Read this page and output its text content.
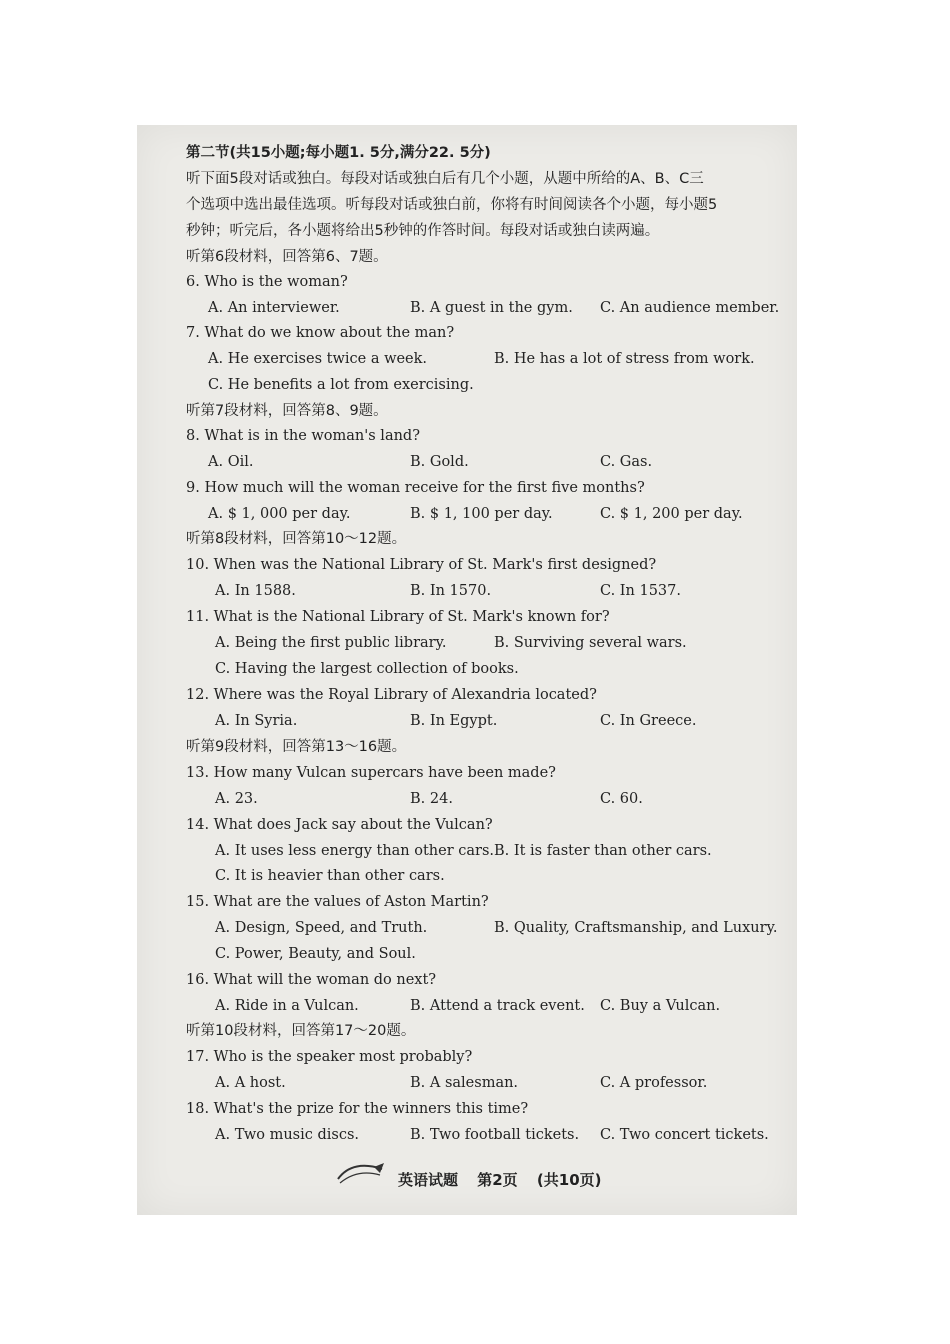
第二节(共15小题;每小题1. 5分,满分22. 5分)
听下面5段对话或独白。每段对话或独白后有几个小题，从题中所给的A、B、C三
个选项中选出最佳选项。听每段对话或独白前，你将有时间阅读各个小题，每小题5
秒钟；听完后，各小题将给出5秒钟的作答时间。每段对话或独白读两遍。
听第6段材料，回答第6、7题。
6. Who is the woman?
A. An interviewer.	B. A guest in the gym. C. An audience member.
7. What do we know about the man?
A. He exercises twice a week.	B. He has a lot of stress from work.
C. He benefits a lot from exercising.
听第7段材料，回答第8、9题。
8. What is in the woman's land?
A. Oil.	B. Gold.	C. Gas.
9. How much will the woman receive for the first five months?
A. $ 1, 000 per day.	B. $ 1, 100 per day.	C. $ 1, 200 per day.
听第8段材料，回答第10～12题。
10. When was the National Library of St. Mark's first designed?
A. In 1588.	B. In 1570.	C. In 1537.
11. What is the National Library of St. Mark's known for?
A. Being the first public library.	B. Surviving several wars.
C. Having the largest collection of books.
12. Where was the Royal Library of Alexandria located?
A. In Syria.	B. In Egypt.	C. In Greece.
听第9段材料，回答第13～16题。
13. How many Vulcan supercars have been made?
A. 23.	B. 24.	C. 60.
14. What does Jack say about the Vulcan?
A. It uses less energy than other cars. B. It is faster than other cars.
C. It is heavier than other cars.
15. What are the values of Aston Martin?
A. Design, Speed, and Truth.	B. Quality, Craftsmanship, and Luxury.
C. Power, Beauty, and Soul.
16. What will the woman do next?
A. Ride in a Vulcan.	B. Attend a track event. C. Buy a Vulcan.
听第10段材料，回答第17～20题。
17. Who is the speaker most probably?
A. A host.	B. A salesman.	C. A professor.
18. What's the prize for the winners this time?
A. Two music discs.	B. Two football tickets. C. Two concert tickets.
英语试题 第2页 (共10页)
